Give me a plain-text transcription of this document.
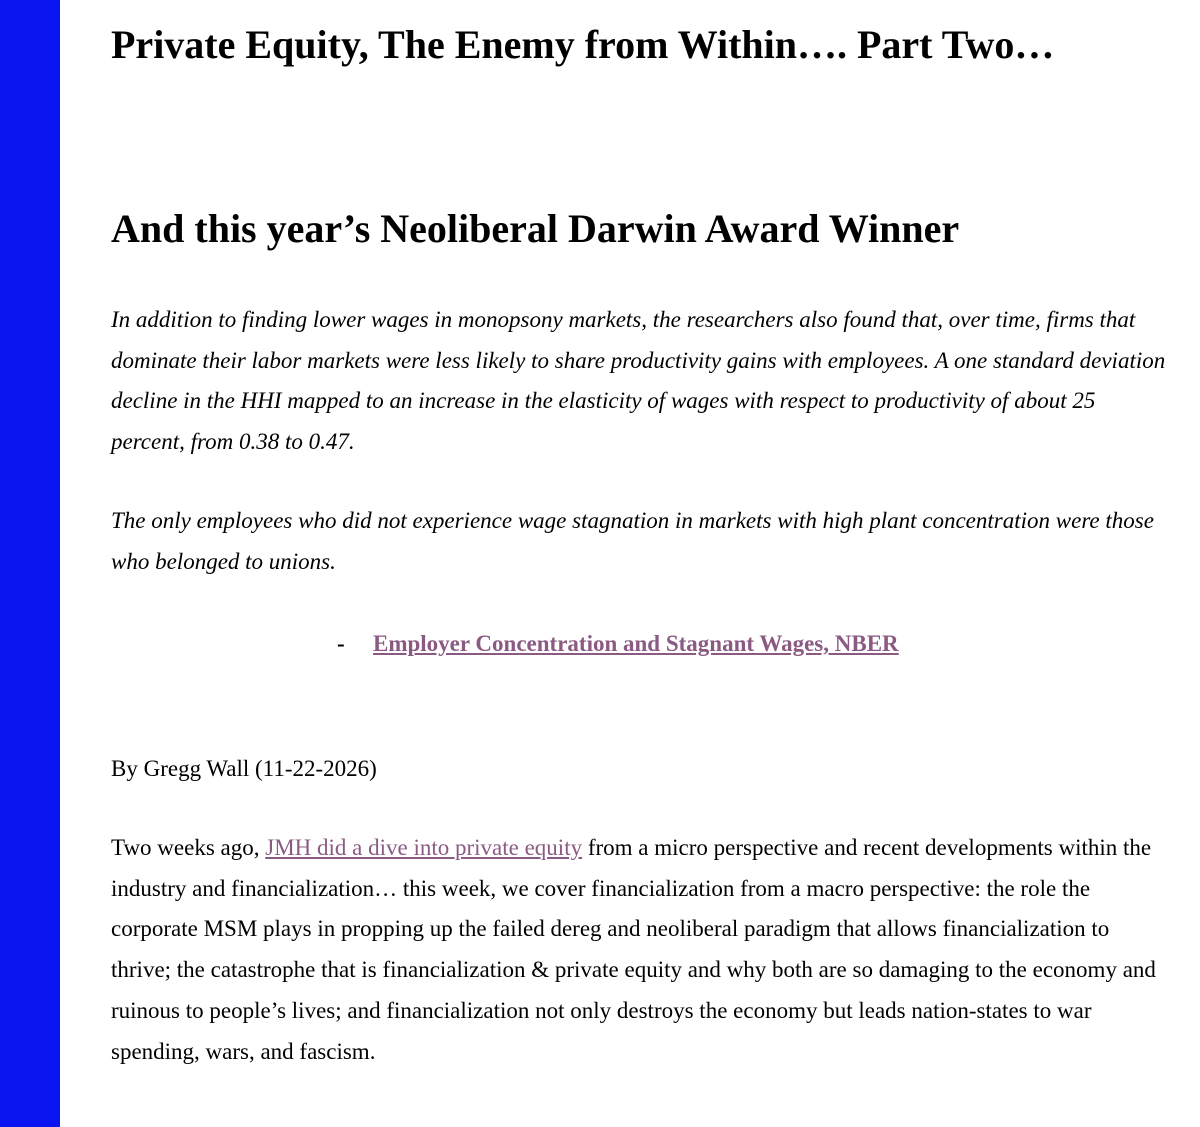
Private Equity, The Enemy from Within…. Part Two…
And this year’s Neoliberal Darwin Award Winner

In addition to finding lower wages in monopsony markets, the researchers also found that, over time, firms that dominate their labor markets were less likely to share productivity gains with employees. A one standard deviation decline in the HHI mapped to an increase in the elasticity of wages with respect to productivity of about 25 percent, from 0.38 to 0.47.

The only employees who did not experience wage stagnation in markets with high plant concentration were those who belonged to unions.

- Employer Concentration and Stagnant Wages, NBER

By Gregg Wall (11-22-2026)

Two weeks ago, JMH did a dive into private equity from a micro perspective and recent developments within the industry and financialization… this week, we cover financialization from a macro perspective: the role the corporate MSM plays in propping up the failed dereg and neoliberal paradigm that allows financialization to thrive; the catastrophe that is financialization & private equity and why both are so damaging to the economy and ruinous to people’s lives; and financialization not only destroys the economy but leads nation-states to war spending, wars, and fascism.
